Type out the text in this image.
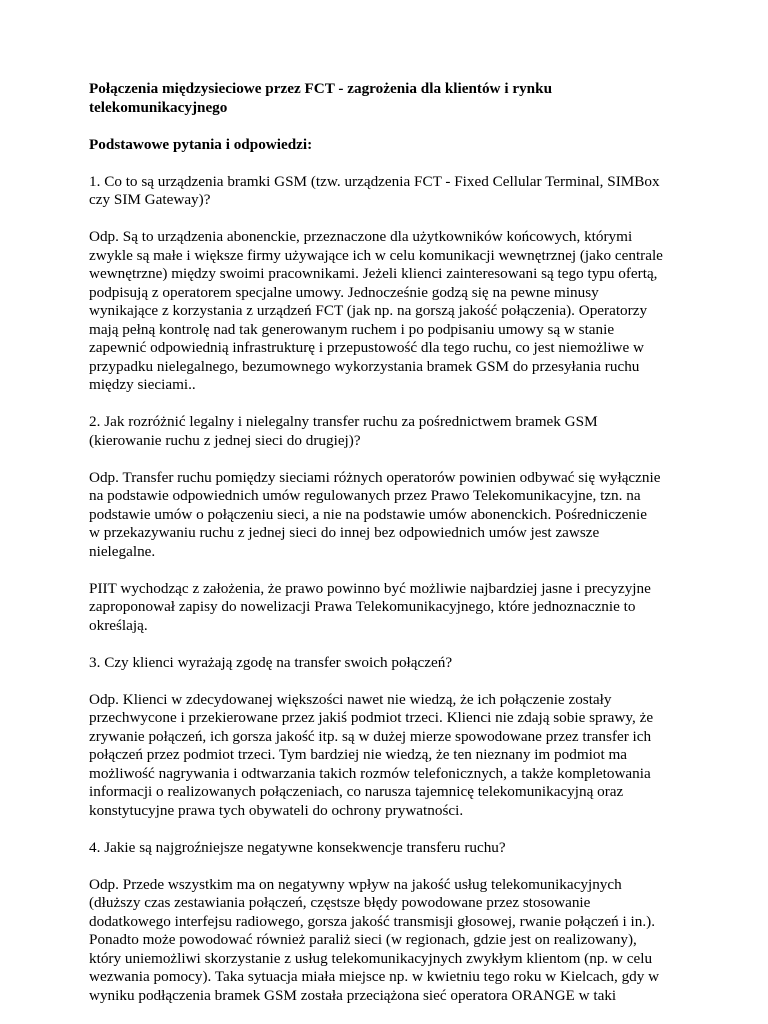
Połączenia międzysieciowe przez FCT - zagrożenia dla klientów i rynku
telekomunikacyjnego

Podstawowe pytania i odpowiedzi:

1. Co to są urządzenia bramki GSM (tzw. urządzenia FCT - Fixed Cellular Terminal, SIMBox
czy SIM Gateway)?

Odp. Są to urządzenia abonenckie, przeznaczone dla użytkowników końcowych, którymi
zwykle są małe i większe firmy używające ich w celu komunikacji wewnętrznej (jako centrale
wewnętrzne) między swoimi pracownikami. Jeżeli klienci zainteresowani są tego typu ofertą,
podpisują z operatorem specjalne umowy. Jednocześnie godzą się na pewne minusy
wynikające z korzystania z urządzeń FCT (jak np. na gorszą jakość połączenia). Operatorzy
mają pełną kontrolę nad tak generowanym ruchem i po podpisaniu umowy są w stanie
zapewnić odpowiednią infrastrukturę i przepustowość dla tego ruchu, co jest niemożliwe w
przypadku nielegalnego, bezumownego wykorzystania bramek GSM do przesyłania ruchu
między sieciami..

2. Jak rozróżnić legalny i nielegalny transfer ruchu za pośrednictwem bramek GSM
(kierowanie ruchu z jednej sieci do drugiej)?

Odp. Transfer ruchu pomiędzy sieciami różnych operatorów powinien odbywać się wyłącznie
na podstawie odpowiednich umów regulowanych przez Prawo Telekomunikacyjne, tzn. na
podstawie umów o połączeniu sieci, a nie na podstawie umów abonenckich. Pośredniczenie
w przekazywaniu ruchu z jednej sieci do innej bez odpowiednich umów jest zawsze
nielegalne.

PIIT wychodząc z założenia, że prawo powinno być możliwie najbardziej jasne i precyzyjne
zaproponował zapisy do nowelizacji Prawa Telekomunikacyjnego, które jednoznacznie to
określają.

3. Czy klienci wyrażają zgodę na transfer swoich połączeń?

Odp. Klienci w zdecydowanej większości nawet nie wiedzą, że ich połączenie zostały
przechwycone i przekierowane przez jakiś podmiot trzeci. Klienci nie zdają sobie sprawy, że
zrywanie połączeń, ich gorsza jakość itp. są w dużej mierze spowodowane przez transfer ich
połączeń przez podmiot trzeci. Tym bardziej nie wiedzą, że ten nieznany im podmiot ma
możliwość nagrywania i odtwarzania takich rozmów telefonicznych, a także kompletowania
informacji o realizowanych połączeniach, co narusza tajemnicę telekomunikacyjną oraz
konstytucyjne prawa tych obywateli do ochrony prywatności.

4. Jakie są najgroźniejsze negatywne konsekwencje transferu ruchu?

Odp. Przede wszystkim ma on negatywny wpływ na jakość usług telekomunikacyjnych
(dłuższy czas zestawiania połączeń, częstsze błędy powodowane przez stosowanie
dodatkowego interfejsu radiowego, gorsza jakość transmisji głosowej, rwanie połączeń i in.).
Ponadto może powodować również paraliż sieci (w regionach, gdzie jest on realizowany),
który uniemożliwi skorzystanie z usług telekomunikacyjnych zwykłym klientom (np. w celu
wezwania pomocy). Taka sytuacja miała miejsce np. w kwietniu tego roku w Kielcach, gdy w
wyniku podłączenia bramek GSM została przeciążona sieć operatora ORANGE w taki
